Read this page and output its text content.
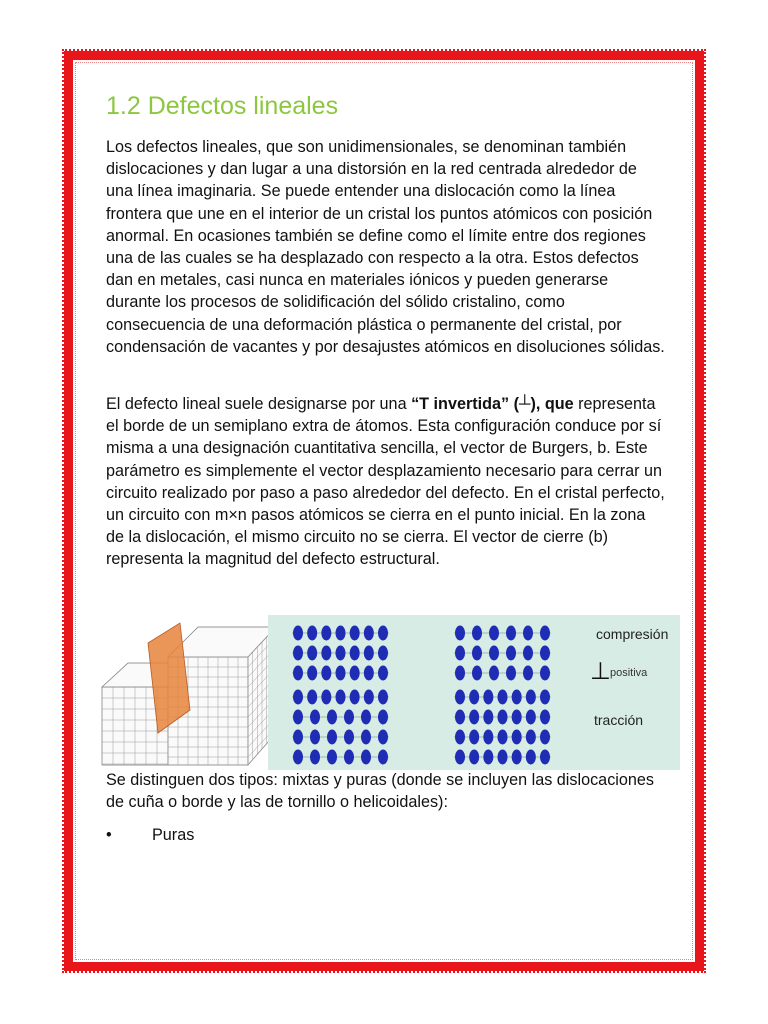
1.2 Defectos lineales

Los defectos lineales, que son unidimensionales, se denominan también dislocaciones y dan lugar a una distorsión en la red centrada alrededor de una línea imaginaria. Se puede entender una dislocación como la línea frontera que une en el interior de un cristal los puntos atómicos con posición anormal. En ocasiones también se define como el límite entre dos regiones una de las cuales se ha desplazado con respecto a la otra. Estos defectos dan en metales, casi nunca en materiales iónicos y pueden generarse durante los procesos de solidificación del sólido cristalino, como consecuencia de una deformación plástica o permanente del cristal, por condensación de vacantes y por desajustes atómicos en disoluciones sólidas.

El defecto lineal suele designarse por una “T invertida” (┴), que representa el borde de un semiplano extra de átomos. Esta configuración conduce por sí misma a una designación cuantitativa sencilla, el vector de Burgers, b. Este parámetro es simplemente el vector desplazamiento necesario para cerrar un circuito realizado por paso a paso alrededor del defecto. En el cristal perfecto, un circuito con m×n pasos atómicos se cierra en el punto inicial. En la zona de la dislocación, el mismo circuito no se cierra. El vector de cierre (b) representa la magnitud del defecto estructural.

compresión
⊥ positiva
tracción

Se distinguen dos tipos: mixtas y puras (donde se incluyen las dislocaciones de cuña o borde y las de tornillo o helicoidales):

• Puras
